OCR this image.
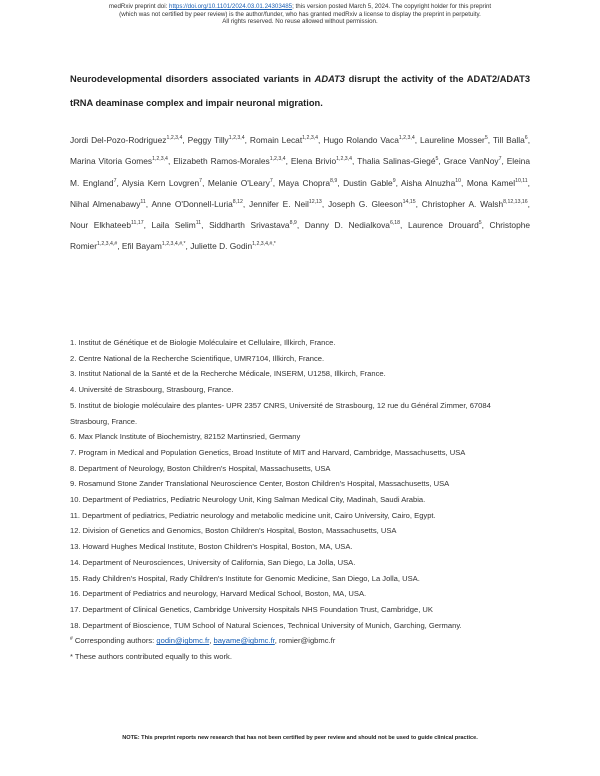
medRxiv preprint doi: https://doi.org/10.1101/2024.03.01.24303485; this version posted March 5, 2024. The copyright holder for this preprint
(which was not certified by peer review) is the author/funder, who has granted medRxiv a license to display the preprint in perpetuity.
All rights reserved. No reuse allowed without permission.
Neurodevelopmental disorders associated variants in ADAT3 disrupt the activity of the ADAT2/ADAT3 tRNA deaminase complex and impair neuronal migration.
Jordi Del-Pozo-Rodriguez$^{1,2,3,4}$, Peggy Tilly$^{1,2,3,4}$, Romain Lecat$^{1,2,3,4}$, Hugo Rolando Vaca$^{1,2,3,4}$, Laureline Mosser$^5$, Till Balla$^6$, Marina Vitoria Gomes$^{1,2,3,4}$, Elizabeth Ramos-Morales$^{1,2,3,4}$, Elena Brivio$^{1,2,3,4}$, Thalia Salinas-Giegé$^5$, Grace VanNoy$^7$, Eleina M. England$^7$, Alysia Kern Lovgren$^7$, Melanie O'Leary$^7$, Maya Chopra$^{8,9}$, Dustin Gable$^9$, Aisha Alnuzha$^{10}$, Mona Kamel$^{10,11}$, Nihal Almenabawy$^{11}$, Anne O'Donnell-Luria$^{8,12}$, Jennifer E. Neil$^{12,13}$, Joseph G. Gleeson$^{14,15}$, Christopher A. Walsh$^{8,12,13,16}$, Nour Elkhateeb$^{11,17}$, Laila Selim$^{11}$, Siddharth Srivastava$^{8,9}$, Danny D. Nedialkova$^{6,18}$, Laurence Drouard$^5$, Christophe Romier$^{1,2,3,4,\#}$, Efil Bayam$^{1,2,3,4,\#,*}$, Juliette D. Godin$^{1,2,3,4,\#,*}$
1. Institut de Génétique et de Biologie Moléculaire et Cellulaire, Illkirch, France.
2. Centre National de la Recherche Scientifique, UMR7104, Illkirch, France.
3. Institut National de la Santé et de la Recherche Médicale, INSERM, U1258, Illkirch, France.
4. Université de Strasbourg, Strasbourg, France.
5. Institut de biologie moléculaire des plantes- UPR 2357 CNRS, Université de Strasbourg, 12 rue du Général Zimmer, 67084 Strasbourg, France.
6. Max Planck Institute of Biochemistry, 82152 Martinsried, Germany
7. Program in Medical and Population Genetics, Broad Institute of MIT and Harvard, Cambridge, Massachusetts, USA
8. Department of Neurology, Boston Children's Hospital, Massachusetts, USA
9. Rosamund Stone Zander Translational Neuroscience Center, Boston Children's Hospital, Massachusetts, USA
10. Department of Pediatrics, Pediatric Neurology Unit, King Salman Medical City, Madinah, Saudi Arabia.
11. Department of pediatrics, Pediatric neurology and metabolic medicine unit, Cairo University, Cairo, Egypt.
12. Division of Genetics and Genomics, Boston Children's Hospital, Boston, Massachusetts, USA
13. Howard Hughes Medical Institute, Boston Children's Hospital, Boston, MA, USA.
14. Department of Neurosciences, University of California, San Diego, La Jolla, USA.
15. Rady Children's Hospital, Rady Children's Institute for Genomic Medicine, San Diego, La Jolla, USA.
16. Department of Pediatrics and neurology, Harvard Medical School, Boston, MA, USA.
17. Department of Clinical Genetics, Cambridge University Hospitals NHS Foundation Trust, Cambridge, UK
18. Department of Bioscience, TUM School of Natural Sciences, Technical University of Munich, Garching, Germany.
# Corresponding authors: godin@igbmc.fr, bayame@igbmc.fr, romier@igbmc.fr
* These authors contributed equally to this work.
NOTE: This preprint reports new research that has not been certified by peer review and should not be used to guide clinical practice.
